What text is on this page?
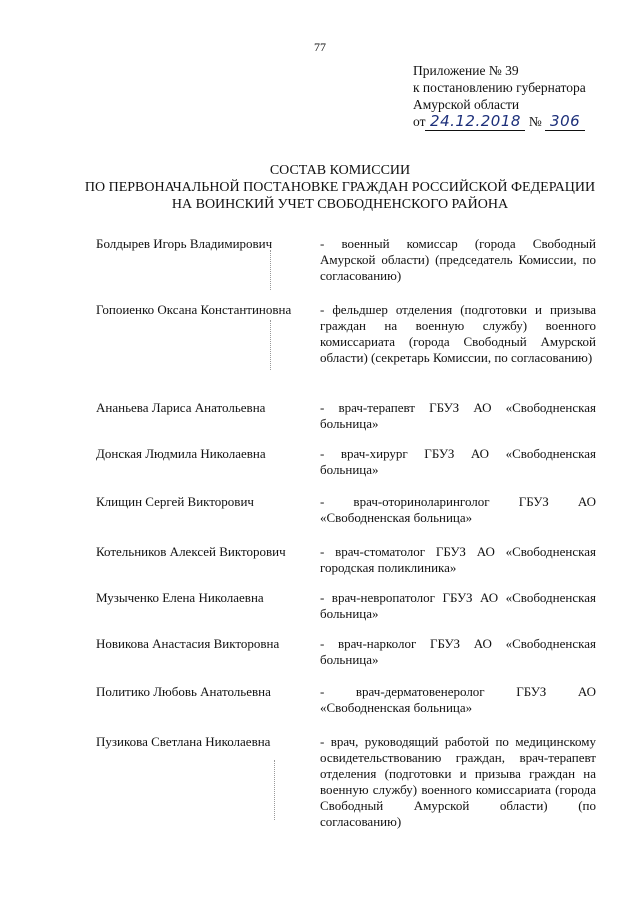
77
Приложение № 39
к постановлению губернатора
Амурской области
от 24.12.2018 № 306
СОСТАВ КОМИССИИ
ПО ПЕРВОНАЧАЛЬНОЙ ПОСТАНОВКЕ ГРАЖДАН РОССИЙСКОЙ ФЕДЕРАЦИИ
НА ВОИНСКИЙ УЧЕТ СВОБОДНЕНСКОГО РАЙОНА
Болдырев Игорь Владимирович	- военный комиссар (города Свободный Амурской области) (председатель Комиссии, по согласованию)
Гопоиенко Оксана Константиновна	- фельдшер отделения (подготовки и призыва граждан на военную службу) военного комиссариата (города Свободный Амурской области) (секретарь Комиссии, по согласованию)
Ананьева Лариса Анатольевна	- врач-терапевт ГБУЗ АО «Свободненская больница»
Донская Людмила Николаевна	- врач-хирург ГБУЗ АО «Свободненская больница»
Клищин Сергей Викторович	- врач-оториноларинголог ГБУЗ АО «Свободненская больница»
Котельников Алексей Викторович	- врач-стоматолог ГБУЗ АО «Свободненская городская поликлиника»
Музыченко Елена Николаевна	- врач-невропатолог ГБУЗ АО «Свободненская больница»
Новикова Анастасия Викторовна	- врач-нарколог ГБУЗ АО «Свободненская больница»
Политико Любовь Анатольевна	- врач-дерматовенеролог ГБУЗ АО «Свободненская больница»
Пузикова Светлана Николаевна	- врач, руководящий работой по медицинскому освидетельствованию граждан, врач-терапевт отделения (подготовки и призыва граждан на военную службу) военного комиссариата (города Свободный Амурской области) (по согласованию)
